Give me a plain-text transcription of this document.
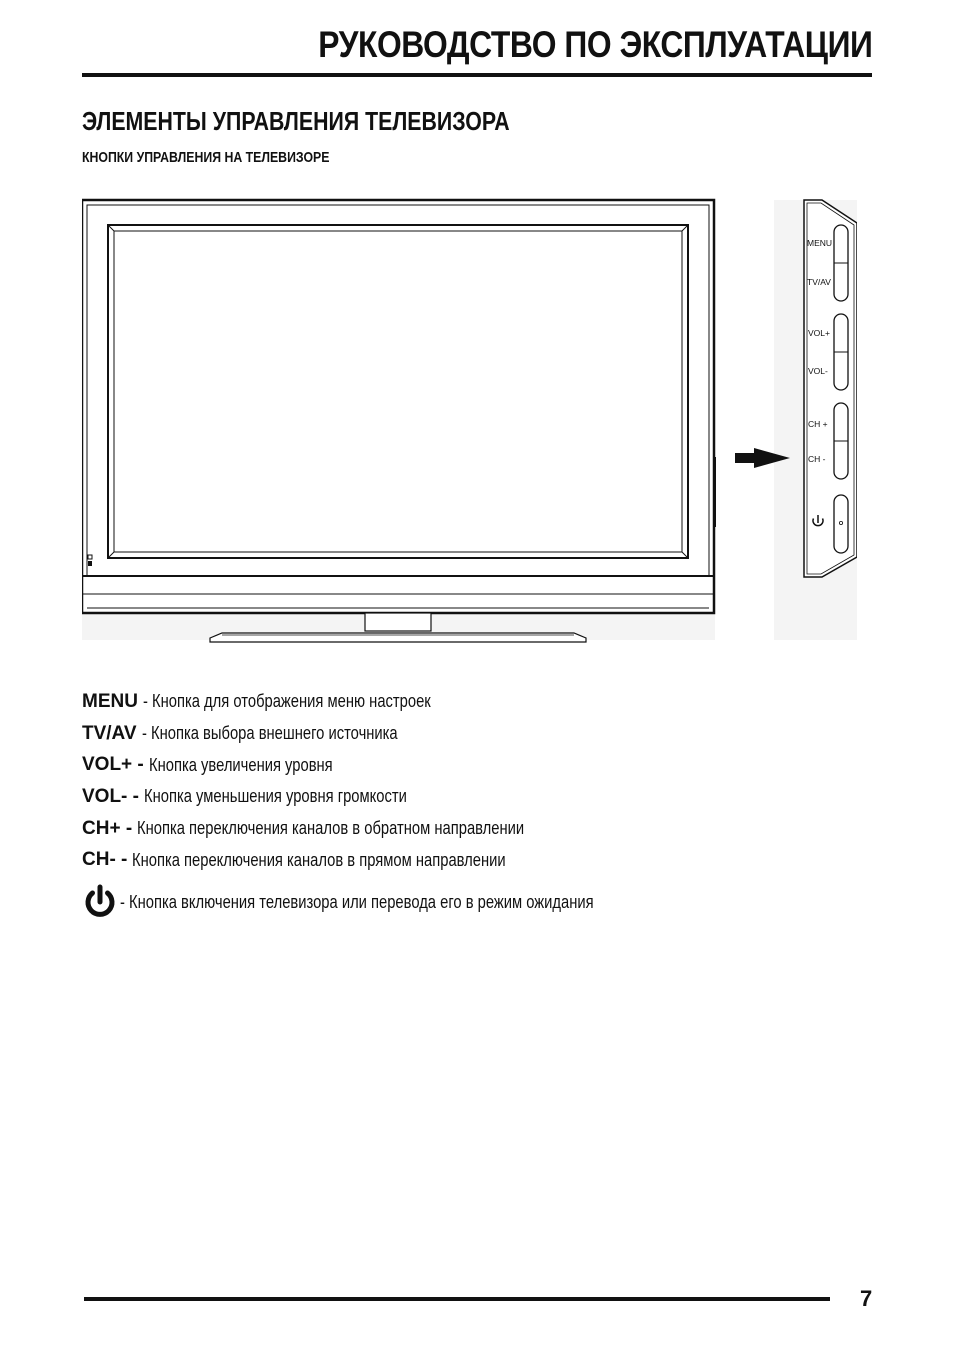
РУКОВОДСТВО ПО ЭКСПЛУАТАЦИИ
ЭЛЕМЕНТЫ УПРАВЛЕНИЯ ТЕЛЕВИЗОРА
КНОПКИ УПРАВЛЕНИЯ НА ТЕЛЕВИЗОРЕ
MENU
TV/AV
VOL+
VOL-
CH +
CH -
MENU - Кнопка для отображения меню настроек
TV/AV - Кнопка выбора внешнего источника
VOL+ - Кнопка увеличения уровня
VOL- - Кнопка уменьшения уровня громкости
CH+ - Кнопка переключения каналов в обратном направлении
CH- - Кнопка переключения каналов в прямом направлении
- Кнопка включения телевизора или перевода его в режим ожидания
7
